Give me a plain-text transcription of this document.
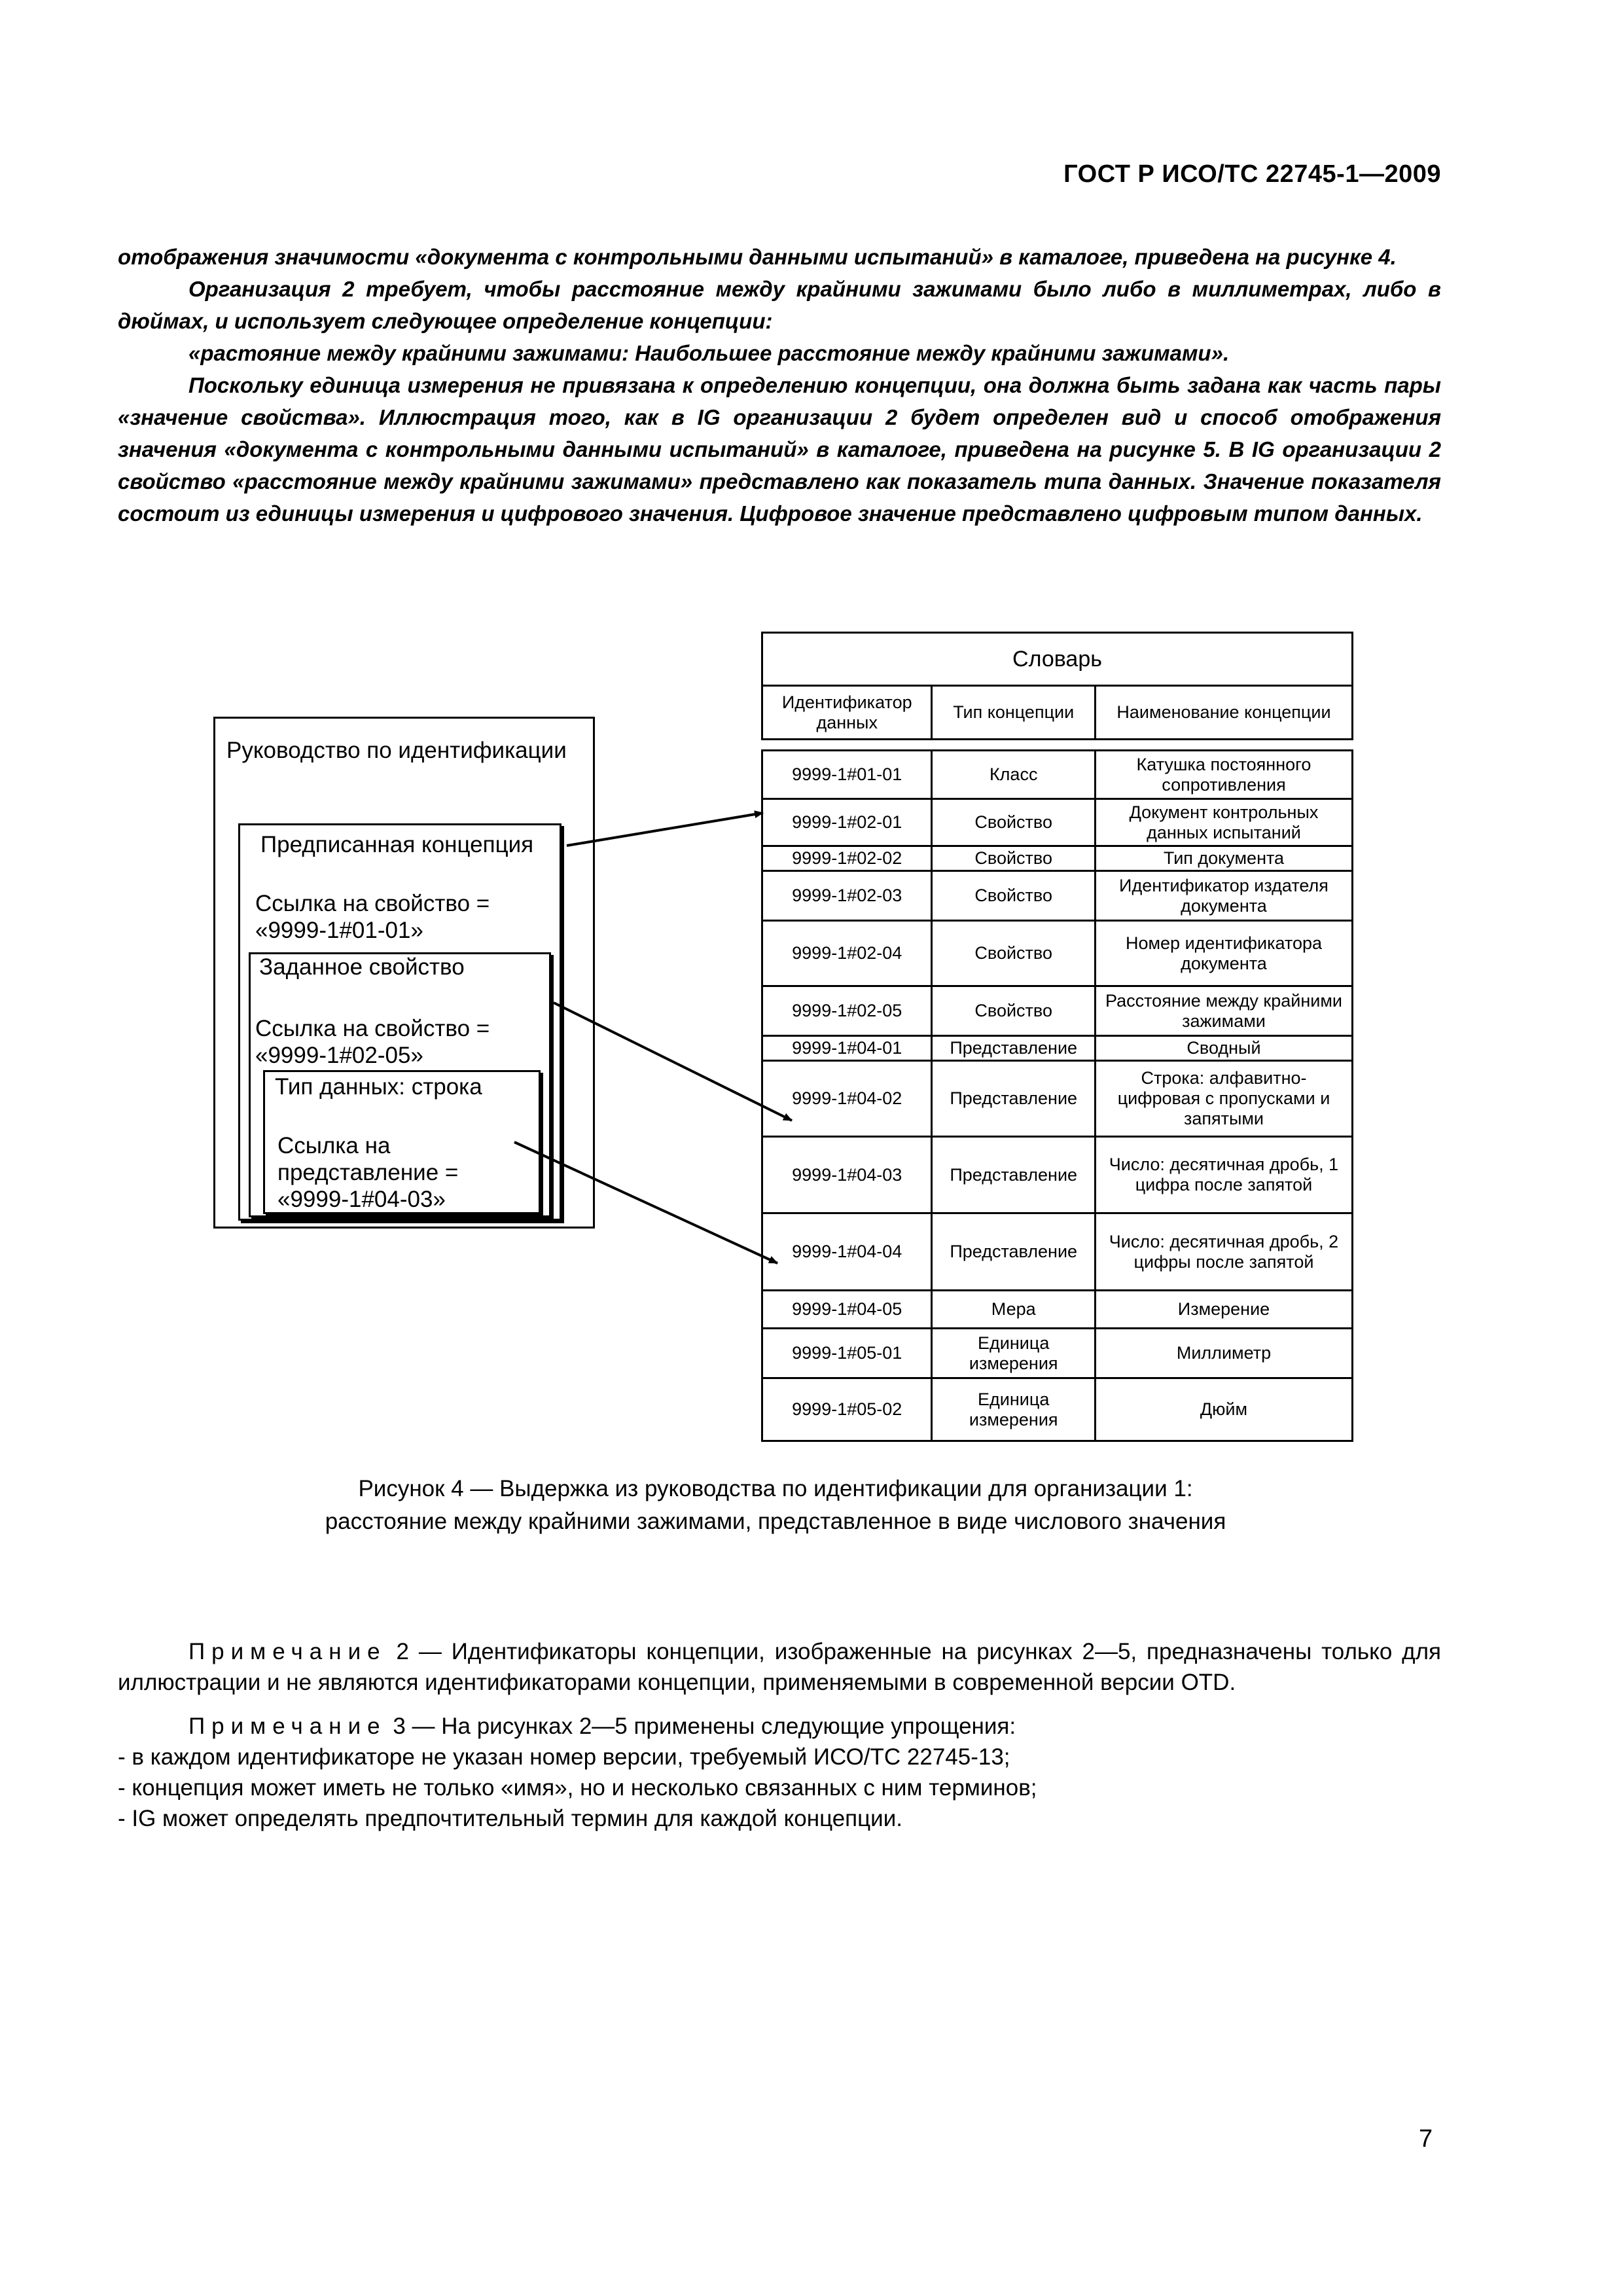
ГОСТ Р ИСО/ТС 22745-1—2009

отображения значимости «документа с контрольными данными испытаний» в каталоге, приведена на рисунке 4.

Организация 2 требует, чтобы расстояние между крайними зажимами было либо в миллиметрах, либо в дюймах, и использует следующее определение концепции:

«растояние между крайними зажимами: Наибольшее расстояние между крайними зажимами».

Поскольку единица измерения не привязана к определению концепции, она должна быть задана как часть пары «значение свойства». Иллюстрация того, как в IG организации 2 будет определен вид и способ отображения значения «документа с контрольными данными испытаний» в каталоге, приведена на рисунке 5. В IG организации 2 свойство «расстояние между крайними зажимами» представлено как показатель типа данных. Значение показателя состоит из единицы измерения и цифрового значения. Цифровое значение представлено цифровым типом данных.

Руководство по идентификации
Предписанная концепция
Ссылка на свойство =
«9999-1#01-01»
Заданное свойство
Ссылка на свойство =
«9999-1#02-05»
Тип данных: строка
Ссылка на
представление =
«9999-1#04-03»
Словарь		
Идентификатор данных	Тип концепции	Наименование концепции

9999-1#01-01	Класс	Катушка постоянного сопротивления
9999-1#02-01	Свойство	Документ контрольных данных испытаний
9999-1#02-02	Свойство	Тип документа
9999-1#02-03	Свойство	Идентификатор издателя документа
9999-1#02-04	Свойство	Номер идентификатора документа
9999-1#02-05	Свойство	Расстояние между крайними зажимами
9999-1#04-01	Представление	Сводный
9999-1#04-02	Представление	Строка: алфавитно-цифровая с пропусками и запятыми
9999-1#04-03	Представление	Число: десятичная дробь, 1 цифра после запятой
9999-1#04-04	Представление	Число: десятичная дробь, 2 цифры после запятой
9999-1#04-05	Мера	Измерение
9999-1#05-01	Единица измерения	Миллиметр
9999-1#05-02	Единица измерения	Дюйм
Рисунок 4 — Выдержка из руководства по идентификации для организации 1:
расстояние между крайними зажимами, представленное в виде числового значения

Примечание 2 — Идентификаторы концепции, изображенные на рисунках 2—5, предназначены только для иллюстрации и не являются идентификаторами концепции, применяемыми в современной версии OTD.

Примечание 3 — На рисунках 2—5 применены следующие упрощения:

- в каждом идентификаторе не указан номер версии, требуемый ИСО/ТС 22745-13;

- концепция может иметь не только «имя», но и несколько связанных с ним терминов;

- IG может определять предпочтительный термин для каждой концепции.

7
